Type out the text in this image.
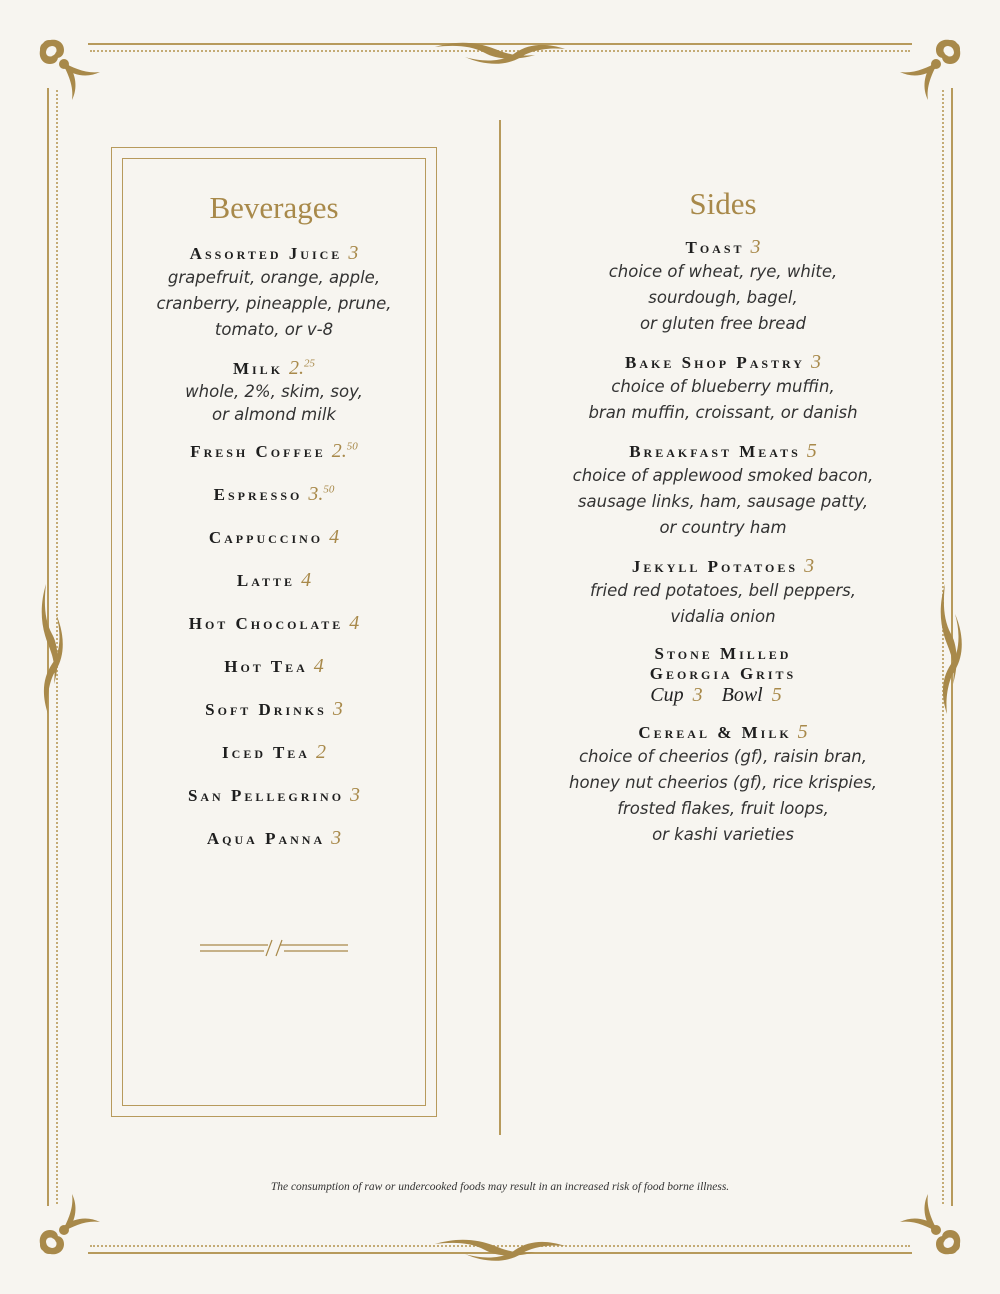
Beverages
Assorted Juice 3
grapefruit, orange, apple,
cranberry, pineapple, prune,
tomato, or v-8
Milk 2.25
whole, 2%, skim, soy,
or almond milk
Fresh Coffee 2.50
Espresso 3.50
Cappuccino 4
Latte 4
Hot Chocolate 4
Hot Tea 4
Soft Drinks 3
Iced Tea 2
San Pellegrino 3
Aqua Panna 3
Sides
Toast 3
choice of wheat, rye, white,
sourdough, bagel,
or gluten free bread
Bake Shop Pastry 3
choice of blueberry muffin,
bran muffin, croissant, or danish
Breakfast Meats 5
choice of applewood smoked bacon,
sausage links, ham, sausage patty,
or country ham
Jekyll Potatoes 3
fried red potatoes, bell peppers,
vidalia onion
Stone Milled
Georgia Grits
Cup 3 Bowl 5
Cereal & Milk 5
choice of cheerios (gf), raisin bran,
honey nut cheerios (gf), rice krispies,
frosted flakes, fruit loops,
or kashi varieties
The consumption of raw or undercooked foods may result in an increased risk of food borne illness.
